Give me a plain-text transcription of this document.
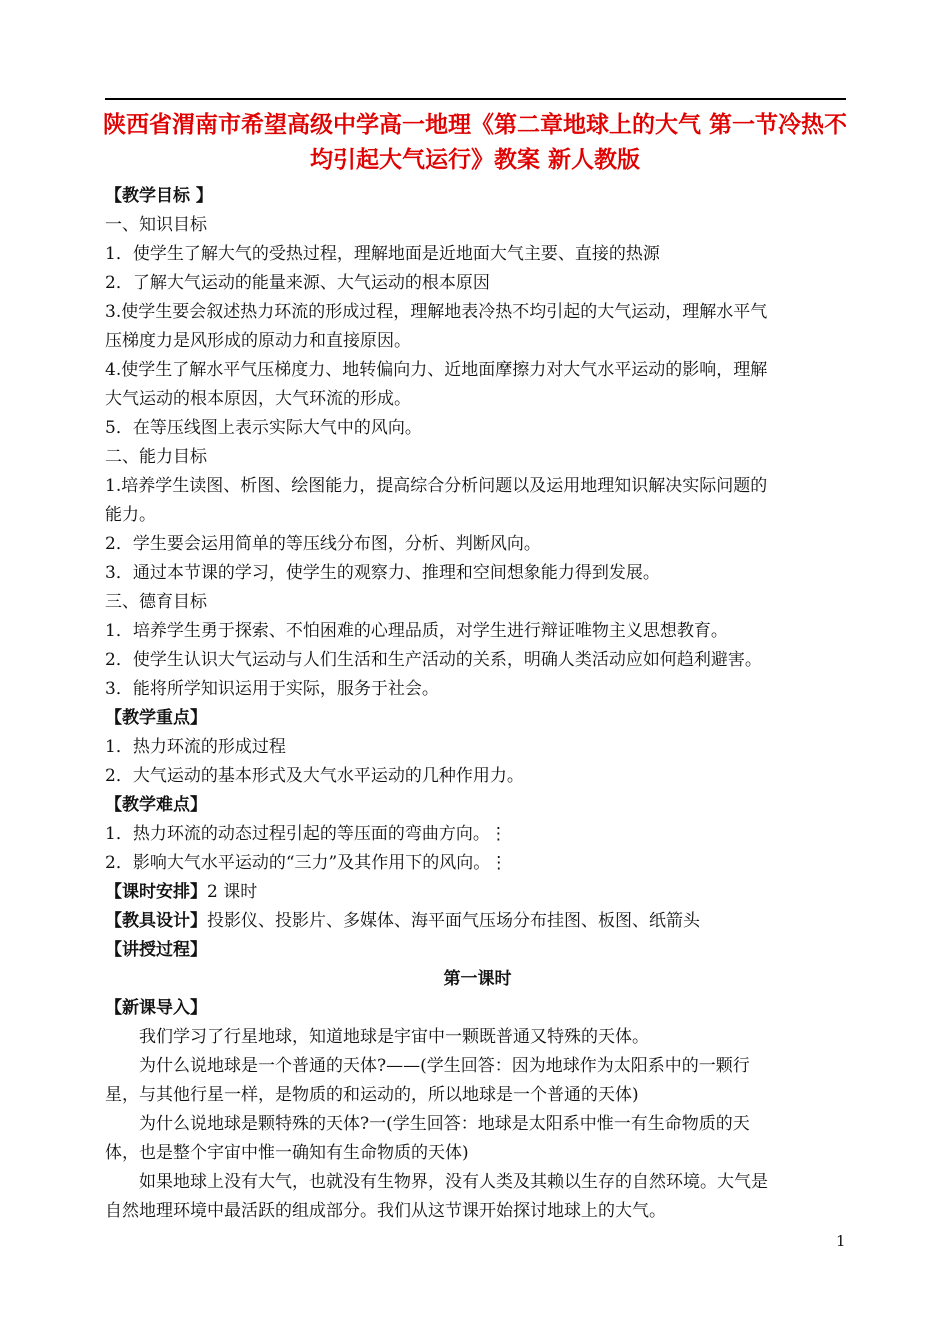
陕西省渭南市希望高级中学高一地理《第二章地球上的大气 第一节冷热不均引起大气运行》教案 新人教版
【教学目标 】
一、知识目标
1．使学生了解大气的受热过程，理解地面是近地面大气主要、直接的热源
2．了解大气运动的能量来源、大气运动的根本原因
3.使学生要会叙述热力环流的形成过程，理解地表冷热不均引起的大气运动，理解水平气
压梯度力是风形成的原动力和直接原因。
4.使学生了解水平气压梯度力、地转偏向力、近地面摩擦力对大气水平运动的影响，理解
大气运动的根本原因，大气环流的形成。
5．在等压线图上表示实际大气中的风向。
二、能力目标
1.培养学生读图、析图、绘图能力，提高综合分析问题以及运用地理知识解决实际问题的
能力。
2．学生要会运用简单的等压线分布图，分析、判断风向。
3．通过本节课的学习，使学生的观察力、推理和空间想象能力得到发展。
三、德育目标
1．培养学生勇于探索、不怕困难的心理品质，对学生进行辩证唯物主义思想教育。
2．使学生认识大气运动与人们生活和生产活动的关系，明确人类活动应如何趋利避害。
3．能将所学知识运用于实际，服务于社会。
【教学重点】
1．热力环流的形成过程
2．大气运动的基本形式及大气水平运动的几种作用力。
【教学难点】
1．热力环流的动态过程引起的等压面的弯曲方向。⋮
2．影响大气水平运动的“三力”及其作用下的风向。⋮
【课时安排】2 课时
【教具设计】投影仪、投影片、多媒体、海平面气压场分布挂图、板图、纸箭头
【讲授过程】
第一课时
【新课导入】
我们学习了行星地球，知道地球是宇宙中一颗既普通又特殊的天体。
为什么说地球是一个普通的天体?——(学生回答：因为地球作为太阳系中的一颗行
星，与其他行星一样，是物质的和运动的，所以地球是一个普通的天体)
为什么说地球是颗特殊的天体?一(学生回答：地球是太阳系中惟一有生命物质的天
体，也是整个宇宙中惟一确知有生命物质的天体)
如果地球上没有大气，也就没有生物界，没有人类及其赖以生存的自然环境。大气是
自然地理环境中最活跃的组成部分。我们从这节课开始探讨地球上的大气。
1
